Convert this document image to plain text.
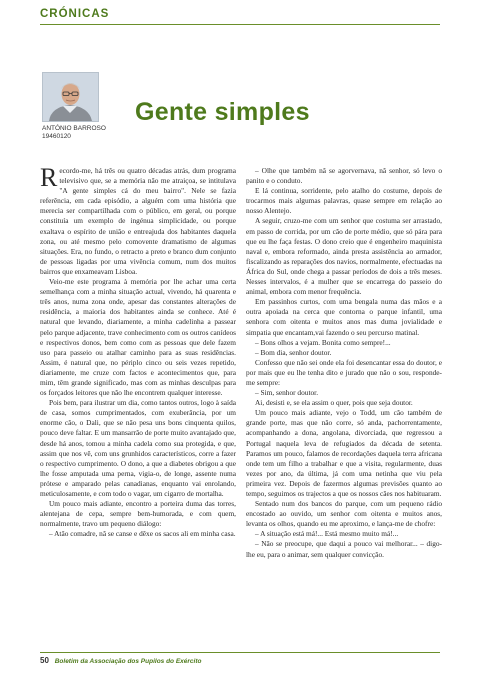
CRÓNICAS
ANTÓNIO BARROSO
19460120
Gente simples

Recordo-me, há três ou quatro décadas atrás, dum programa televisivo que, se a memória não me atraiçoa, se intitulava "A gente simples cá do meu bairro". Nele se fazia referência, em cada episódio, a alguém com uma história que merecia ser compartilhada com o público, em geral, ou porque constituía um exemplo de ingénua simplicidade, ou porque exaltava o espírito de união e entreajuda dos habitantes daquela zona, ou até mesmo pelo comovente dramatismo de algumas situações. Era, no fundo, o retracto a preto e branco dum conjunto de pessoas ligadas por uma vivência comum, num dos muitos bairros que enxameavam Lisboa.

Veio-me este programa à memória por lhe achar uma certa semelhança com a minha situação actual, vivendo, há quarenta e três anos, numa zona onde, apesar das constantes alterações de residência, a maioria dos habitantes ainda se conhece. Até é natural que levando, diariamente, a minha cadelinha a passear pelo parque adjacente, trave conhecimento com os outros canídeos e respectivos donos, bem como com as pessoas que dele fazem uso para passeio ou atalhar caminho para as suas residências. Assim, é natural que, no périplo cinco ou seis vezes repetido, diariamente, me cruze com factos e acontecimentos que, para mim, têm grande significado, mas com as minhas desculpas para os forçados leitores que não lhe encontrem qualquer interesse.

Pois bem, para ilustrar um dia, como tantos outros, logo à saída de casa, somos cumprimentados, com exuberância, por um enorme cão, o Dali, que se não pesa uns bons cinquenta quilos, pouco deve faltar. E um mansarrão de porte muito avantajado que, desde há anos, tomou a minha cadela como sua protegida, e que, assim que nos vê, com uns grunhidos característicos, corre a fazer o respectivo cumprimento. O dono, a que a diabetes obrigou a que lhe fosse amputada uma perna, vigia-o, de longe, assente numa prótese e amparado pelas canadianas, enquanto vai enrolando, meticulosamente, e com todo o vagar, um cigarro de mortalha.

Um pouco mais adiante, encontro a porteira duma das torres, alentejana de cepa, sempre bem-humorada, e com quem, normalmente, travo um pequeno diálogo:

– Atão comadre, nã se canse e dêxe os sacos ali em minha casa.

– Olhe que também nã se agorvernava, nã senhor, só levo o panito e o conduto.

E lá continua, sorridente, pelo atalho do costume, depois de trocarmos mais algumas palavras, quase sempre em relação ao nosso Alentejo.

A seguir, cruzo-me com um senhor que costuma ser arrastado, em passo de corrida, por um cão de porte médio, que só pára para que eu lhe faça festas. O dono creio que é engenheiro maquinista naval e, embora reformado, ainda presta assistência ao armador, fiscalizando as reparações dos navios, normalmente, efectuadas na África do Sul, onde chega a passar períodos de dois a três meses. Nesses intervalos, é a mulher que se encarrega do passeio do animal, embora com menor frequência.

Em passinhos curtos, com uma bengala numa das mãos e a outra apoiada na cerca que contorna o parque infantil, uma senhora com oitenta e muitos anos mas duma jovialidade e simpatia que encantam,vai fazendo o seu percurso matinal.

– Bons olhos a vejam. Bonita como sempre!...

– Bom dia, senhor doutor.

Confesso que não sei onde ela foi desencantar essa do doutor, e por mais que eu lhe tenha dito e jurado que não o sou, responde-me sempre:

– Sim, senhor doutor.

Ai, desisti e, se ela assim o quer, pois que seja doutor.

Um pouco mais adiante, vejo o Todd, um cão também de grande porte, mas que não corre, só anda, pachorrentamente, acompanhando a dona, angolana, divorciada, que regressou a Portugal naquela leva de refugiados da década de setenta. Paramos um pouco, falamos de recordações daquela terra africana onde tem um filho a trabalhar e que a visita, regularmente, duas vezes por ano, da última, já com uma netinha que viu pela primeira vez. Depois de fazermos algumas previsões quanto ao tempo, seguimos os trajectos a que os nossos cães nos habituaram.

Sentado num dos bancos do parque, com um pequeno rádio encostado ao ouvido, um senhor com oitenta e muitos anos, levanta os olhos, quando eu me aproximo, e lança-me de chofre:

– A situação está má!... Está mesmo muito má!...

– Não se preocupe, que daqui a pouco vai melhorar... – digo-lhe eu, para o animar, sem qualquer convicção.

50 Boletim da Associação dos Pupilos do Exército
